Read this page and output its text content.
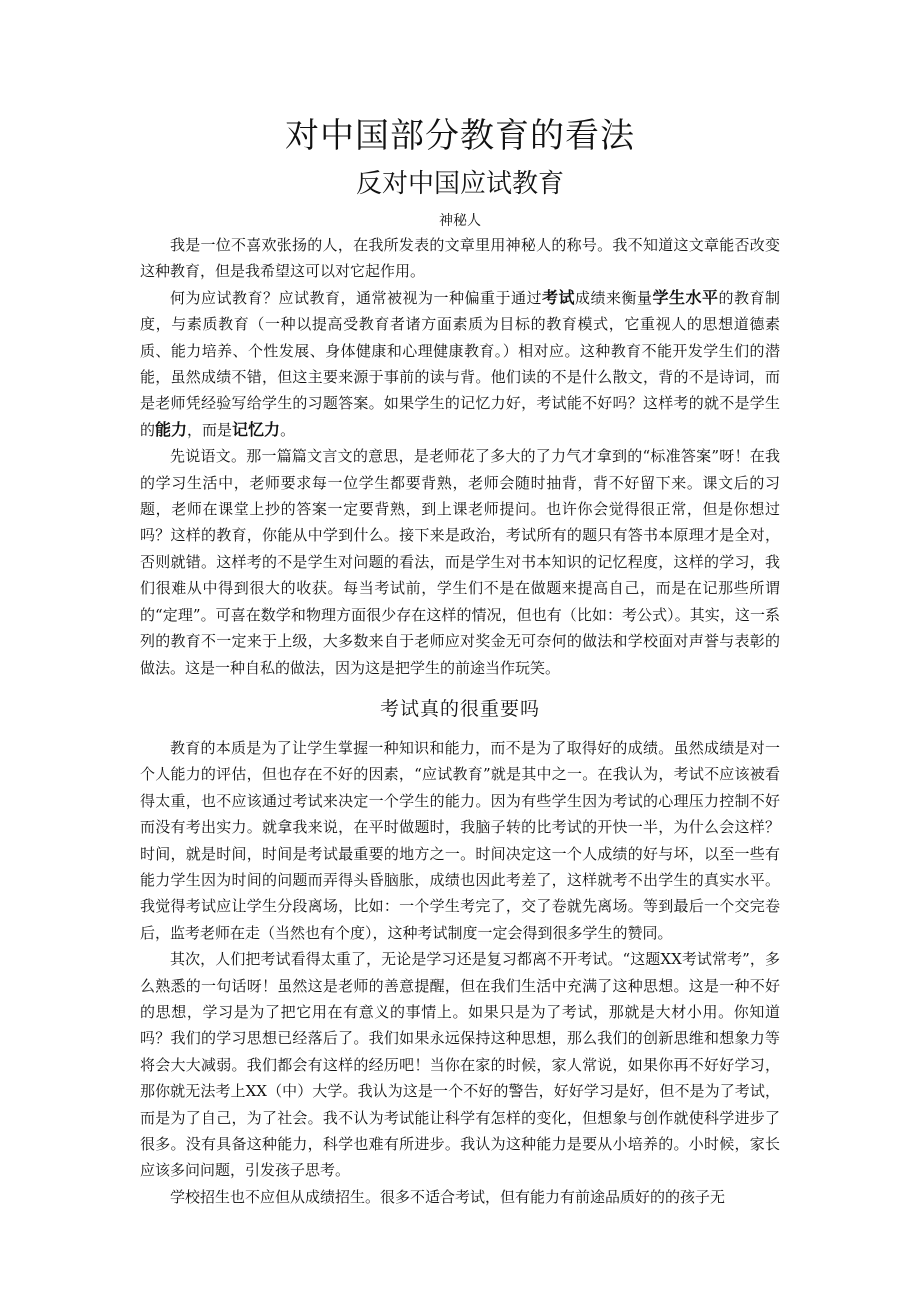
对中国部分教育的看法
反对中国应试教育
神秘人

我是一位不喜欢张扬的人，在我所发表的文章里用神秘人的称号。我不知道这文章能否改变这种教育，但是我希望这可以对它起作用。

何为应试教育？应试教育，通常被视为一种偏重于通过考试成绩来衡量学生水平的教育制度，与素质教育（一种以提高受教育者诸方面素质为目标的教育模式，它重视人的思想道德素质、能力培养、个性发展、身体健康和心理健康教育。）相对应。这种教育不能开发学生们的潜能，虽然成绩不错，但这主要来源于事前的读与背。他们读的不是什么散文，背的不是诗词，而是老师凭经验写给学生的习题答案。如果学生的记忆力好，考试能不好吗？这样考的就不是学生的能力，而是记忆力。

先说语文。那一篇篇文言文的意思，是老师花了多大的了力气才拿到的“标准答案”呀！在我的学习生活中，老师要求每一位学生都要背熟，老师会随时抽背，背不好留下来。课文后的习题，老师在课堂上抄的答案一定要背熟，到上课老师提问。也许你会觉得很正常，但是你想过吗？这样的教育，你能从中学到什么。接下来是政治，考试所有的题只有答书本原理才是全对，否则就错。这样考的不是学生对问题的看法，而是学生对书本知识的记忆程度，这样的学习，我们很难从中得到很大的收获。每当考试前，学生们不是在做题来提高自己，而是在记那些所谓的“定理”。可喜在数学和物理方面很少存在这样的情况，但也有（比如：考公式）。其实，这一系列的教育不一定来于上级，大多数来自于老师应对奖金无可奈何的做法和学校面对声誉与表彰的做法。这是一种自私的做法，因为这是把学生的前途当作玩笑。

考试真的很重要吗

教育的本质是为了让学生掌握一种知识和能力，而不是为了取得好的成绩。虽然成绩是对一个人能力的评估，但也存在不好的因素，“应试教育”就是其中之一。在我认为，考试不应该被看得太重，也不应该通过考试来决定一个学生的能力。因为有些学生因为考试的心理压力控制不好而没有考出实力。就拿我来说，在平时做题时，我脑子转的比考试的开快一半，为什么会这样？时间，就是时间，时间是考试最重要的地方之一。时间决定这一个人成绩的好与坏，以至一些有能力学生因为时间的问题而弄得头昏脑胀，成绩也因此考差了，这样就考不出学生的真实水平。我觉得考试应让学生分段离场，比如：一个学生考完了，交了卷就先离场。等到最后一个交完卷后，监考老师在走（当然也有个度），这种考试制度一定会得到很多学生的赞同。

其次，人们把考试看得太重了，无论是学习还是复习都离不开考试。“这题XX考试常考”，多么熟悉的一句话呀！虽然这是老师的善意提醒，但在我们生活中充满了这种思想。这是一种不好的思想，学习是为了把它用在有意义的事情上。如果只是为了考试，那就是大材小用。你知道吗？我们的学习思想已经落后了。我们如果永远保持这种思想，那么我们的创新思维和想象力等将会大大减弱。我们都会有这样的经历吧！当你在家的时候，家人常说，如果你再不好好学习，那你就无法考上XX（中）大学。我认为这是一个不好的警告，好好学习是好，但不是为了考试，而是为了自己，为了社会。我不认为考试能让科学有怎样的变化，但想象与创作就使科学进步了很多。没有具备这种能力，科学也难有所进步。我认为这种能力是要从小培养的。小时候，家长应该多问问题，引发孩子思考。

学校招生也不应但从成绩招生。很多不适合考试，但有能力有前途品质好的的孩子无
